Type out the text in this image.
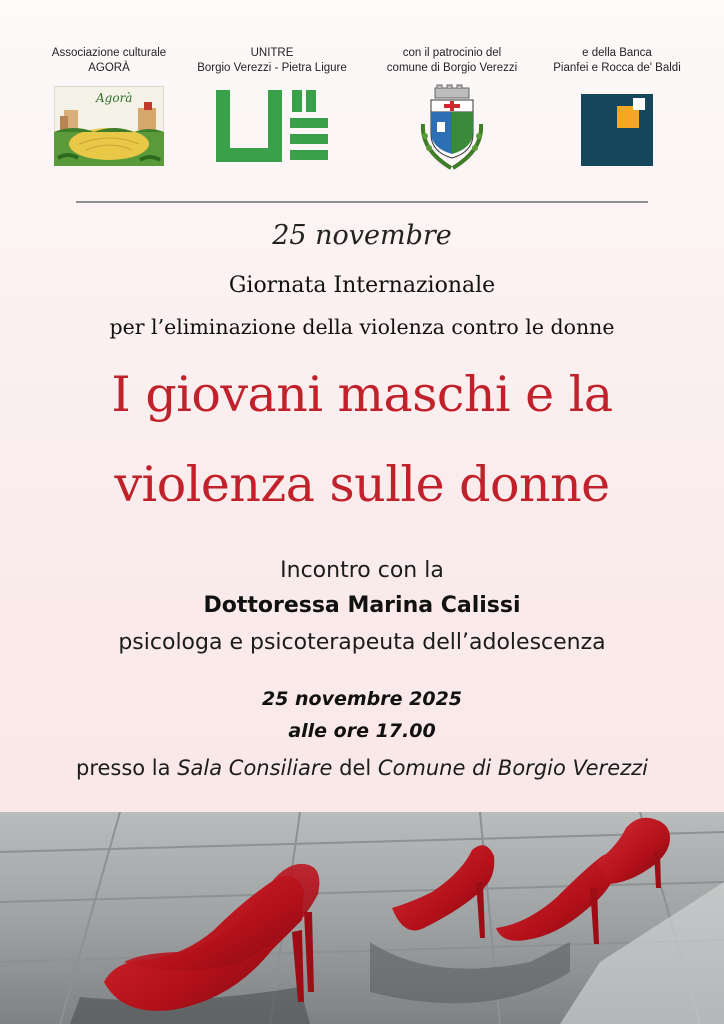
Associazione culturale
AGORÀ
Agorà
UNITRE
Borgio Verezzi - Pietra Ligure
con il patrocinio del
comune di Borgio Verezzi
e della Banca
Pianfei e Rocca de' Baldi
25 novembre
Giornata Internazionale
per l’eliminazione della violenza contro le donne
I giovani maschi e la
violenza sulle donne
Incontro con la
Dottoressa Marina Calissi
psicologa e psicoterapeuta dell’adolescenza
25 novembre 2025
alle ore 17.00
presso la Sala Consiliare del Comune di Borgio Verezzi
